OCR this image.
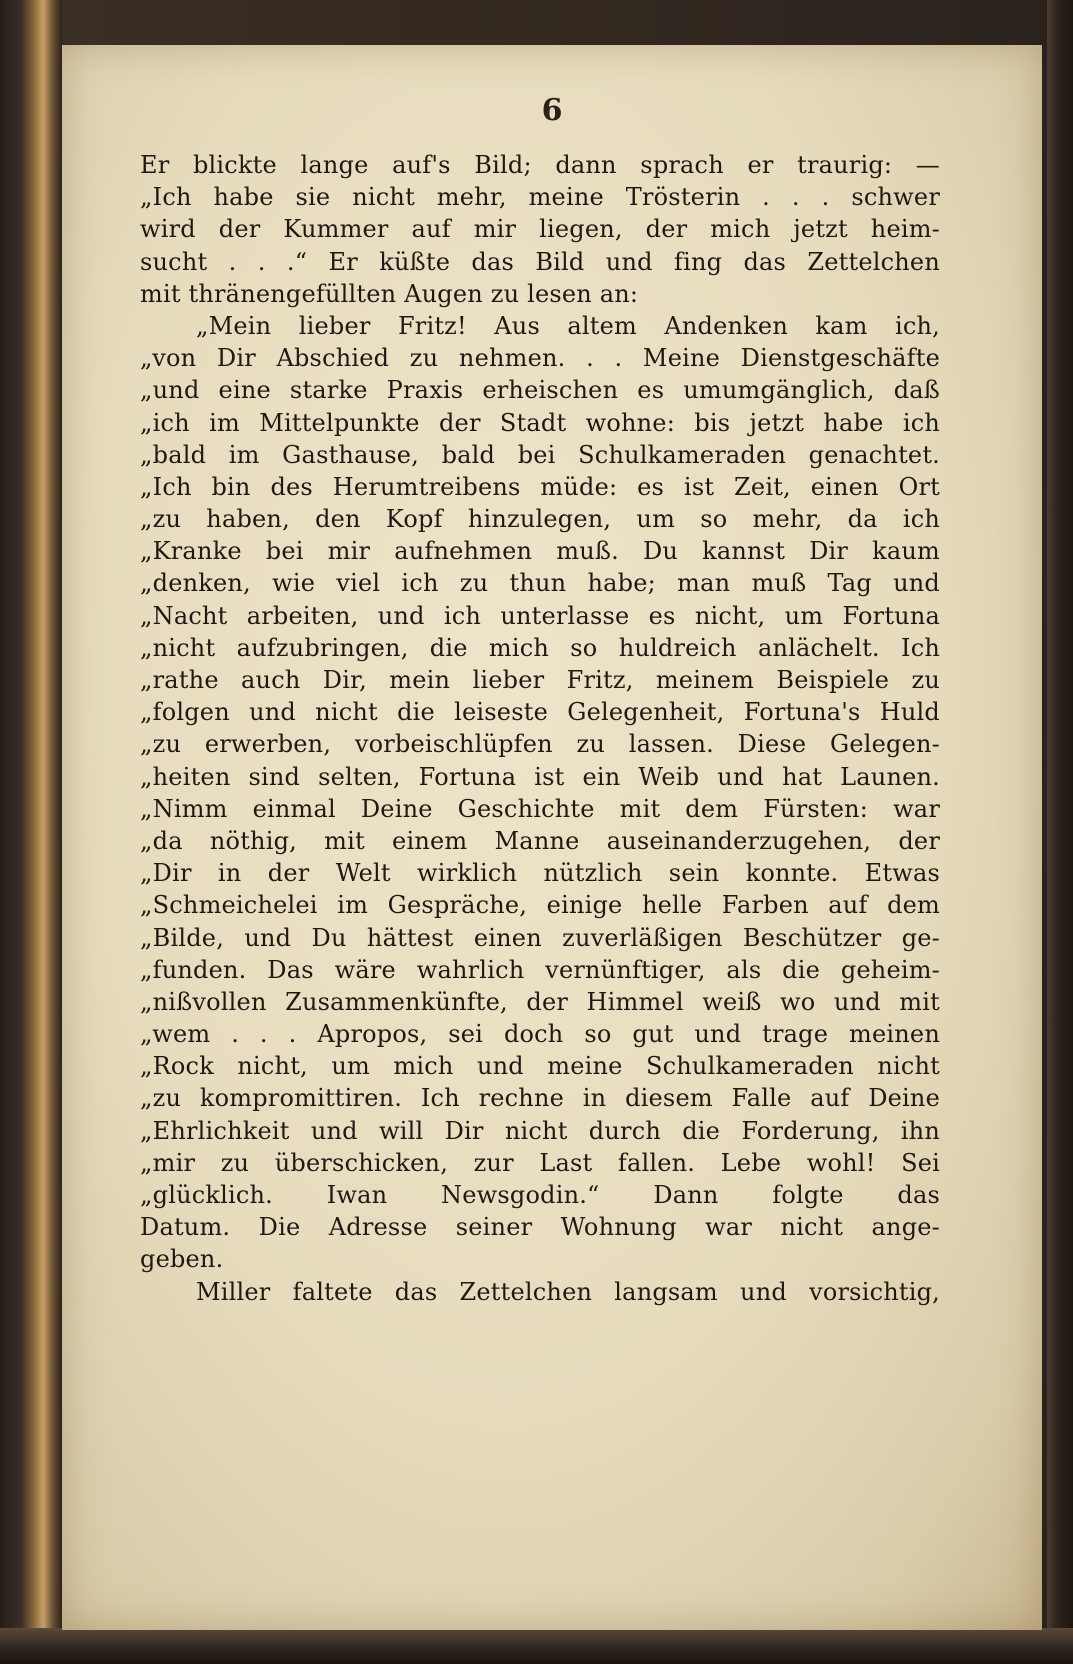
6
Er blickte lange auf's Bild; dann sprach er traurig: —
„Ich habe sie nicht mehr, meine Trösterin . . . schwer
wird der Kummer auf mir liegen, der mich jetzt heim-
sucht . . .“ Er küßte das Bild und fing das Zettelchen
mit thränengefüllten Augen zu lesen an:
„Mein lieber Fritz! Aus altem Andenken kam ich,
„von Dir Abschied zu nehmen. . . Meine Dienstgeschäfte
„und eine starke Praxis erheischen es umumgänglich, daß
„ich im Mittelpunkte der Stadt wohne: bis jetzt habe ich
„bald im Gasthause, bald bei Schulkameraden genachtet.
„Ich bin des Herumtreibens müde: es ist Zeit, einen Ort
„zu haben, den Kopf hinzulegen, um so mehr, da ich
„Kranke bei mir aufnehmen muß. Du kannst Dir kaum
„denken, wie viel ich zu thun habe; man muß Tag und
„Nacht arbeiten, und ich unterlasse es nicht, um Fortuna
„nicht aufzubringen, die mich so huldreich anlächelt. Ich
„rathe auch Dir, mein lieber Fritz, meinem Beispiele zu
„folgen und nicht die leiseste Gelegenheit, Fortuna's Huld
„zu erwerben, vorbeischlüpfen zu lassen. Diese Gelegen-
„heiten sind selten, Fortuna ist ein Weib und hat Launen.
„Nimm einmal Deine Geschichte mit dem Fürsten: war
„da nöthig, mit einem Manne auseinanderzugehen, der
„Dir in der Welt wirklich nützlich sein konnte. Etwas
„Schmeichelei im Gespräche, einige helle Farben auf dem
„Bilde, und Du hättest einen zuverläßigen Beschützer ge-
„funden. Das wäre wahrlich vernünftiger, als die geheim-
„nißvollen Zusammenkünfte, der Himmel weiß wo und mit
„wem . . . Apropos, sei doch so gut und trage meinen
„Rock nicht, um mich und meine Schulkameraden nicht
„zu kompromittiren. Ich rechne in diesem Falle auf Deine
„Ehrlichkeit und will Dir nicht durch die Forderung, ihn
„mir zu überschicken, zur Last fallen. Lebe wohl! Sei
„glücklich. Iwan Newsgodin.“ Dann folgte das
Datum. Die Adresse seiner Wohnung war nicht ange-
geben.
Miller faltete das Zettelchen langsam und vorsichtig,
